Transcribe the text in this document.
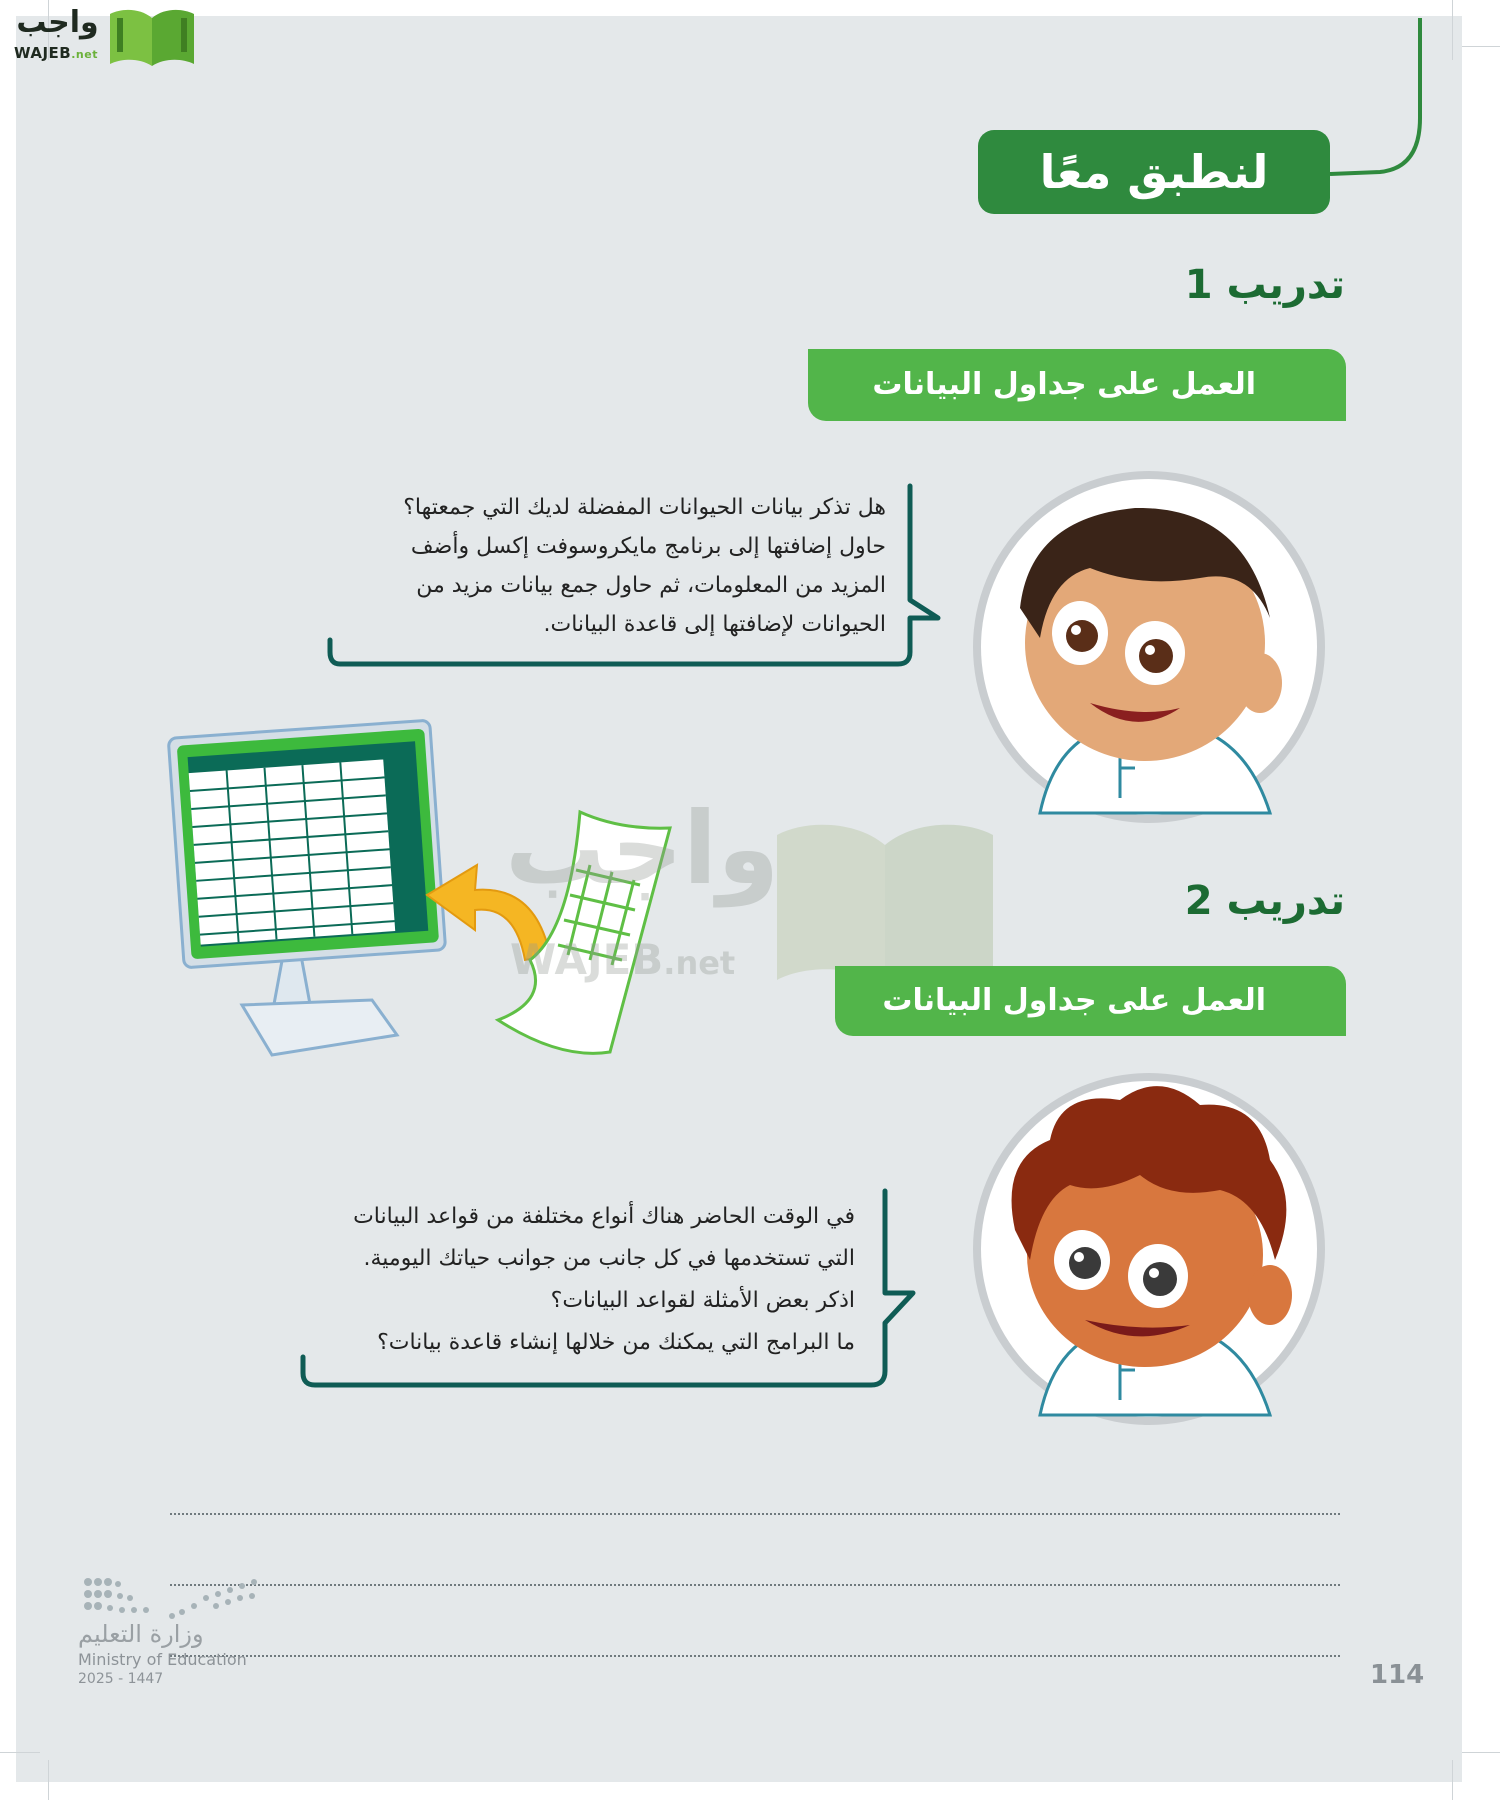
واجب
WAJEB.net
لنطبق معًا
تدريب 1
العمل على جداول البيانات
هل تذكر بيانات الحيوانات المفضلة لديك التي جمعتها؟
حاول إضافتها إلى برنامج مايكروسوفت إكسل وأضف
المزيد من المعلومات، ثم حاول جمع بيانات مزيد من
الحيوانات لإضافتها إلى قاعدة البيانات.
واجب
WAJEB.net
تدريب 2
العمل على جداول البيانات
في الوقت الحاضر هناك أنواع مختلفة من قواعد البيانات
التي تستخدمها في كل جانب من جوانب حياتك اليومية.
اذكر بعض الأمثلة لقواعد البيانات؟
ما البرامج التي يمكنك من خلالها إنشاء قاعدة بيانات؟
وزارة التعليم
Ministry of Education
2025 - 1447	114
